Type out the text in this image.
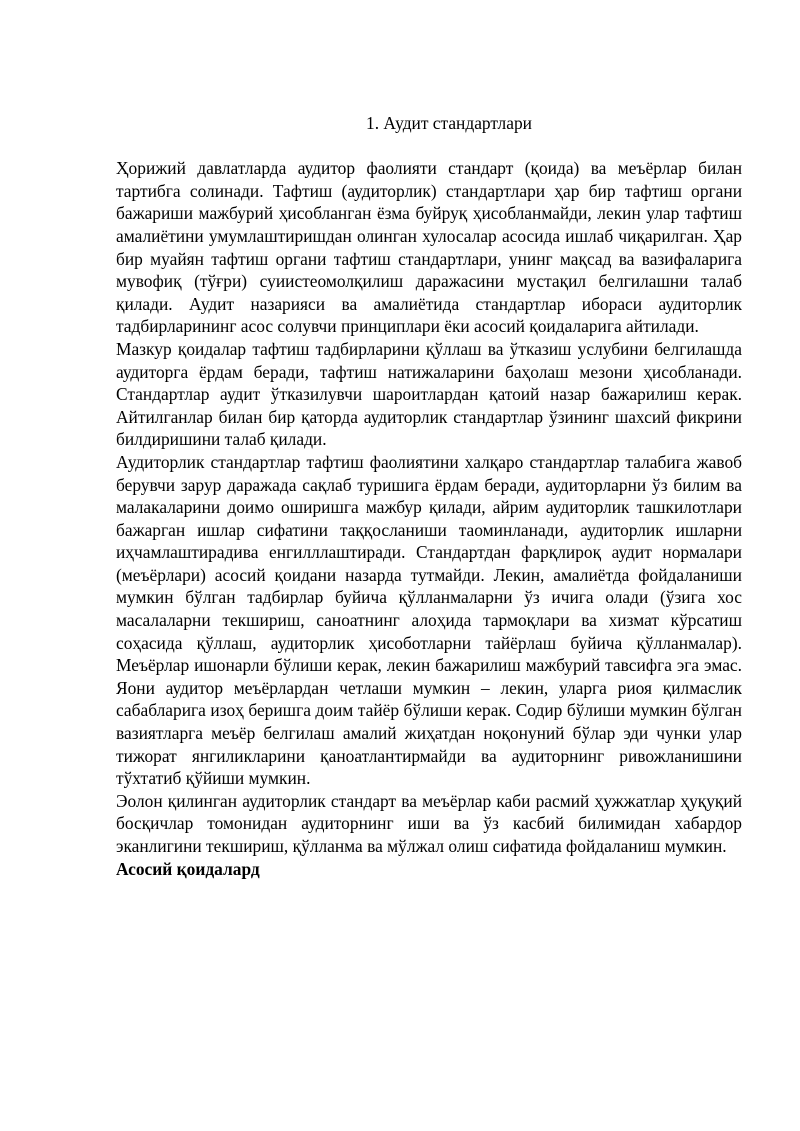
1. Аудит стандартлари

Ҳорижий давлатларда аудитор фаолияти стандарт (қоида) ва меъёрлар билан тартибга солинади. Тафтиш (аудиторлик) стандартлари ҳар бир тафтиш органи бажариши мажбурий ҳисобланган ёзма буйруқ ҳисобланмайди, лекин улар тафтиш амалиётини умумлаштиришдан олинган хулосалар асосида ишлаб чиқарилган. Ҳар бир муайян тафтиш органи тафтиш стандартлари, унинг мақсад ва вазифаларига мувофиқ (тўғри) суиистеомолқилиш даражасини мустақил белгилашни талаб қилади. Аудит назарияси ва амалиётида стандартлар ибораси аудиторлик тадбирларининг асос солувчи принциплари ёки асосий қоидаларига айтилади.

Мазкур қоидалар тафтиш тадбирларини қўллаш ва ўтказиш услубини белгилашда аудиторга ёрдам беради, тафтиш натижаларини баҳолаш мезони ҳисобланади. Стандартлар аудит ўтказилувчи шароитлардан қатоий назар бажарилиш керак. Айтилганлар билан бир қаторда аудиторлик стандартлар ўзининг шахсий фикрини билдиришини талаб қилади.

Аудиторлик стандартлар тафтиш фаолиятини халқаро стандартлар талабига жавоб берувчи зарур даражада сақлаб туришига ёрдам беради, аудиторларни ўз билим ва малакаларини доимо оширишга мажбур қилади, айрим аудиторлик ташкилотлари бажарган ишлар сифатини таққосланиши таоминланади, аудиторлик ишларни иҳчамлаштирадива енгилллаштиради. Стандартдан фарқлироқ аудит нормалари (меъёрлари) асосий қоидани назарда тутмайди. Лекин, амалиётда фойдаланиши мумкин бўлган тадбирлар буйича қўлланмаларни ўз ичига олади (ўзига хос масалаларни текшириш, саноатнинг алоҳида тармоқлари ва хизмат кўрсатиш соҳасида қўллаш, аудиторлик ҳисоботларни тайёрлаш буйича қўлланмалар). Меъёрлар ишонарли бўлиши керак, лекин бажарилиш мажбурий тавсифга эга эмас. Яони аудитор меъёрлардан четлаши мумкин – лекин, уларга риоя қилмаслик сабабларига изоҳ беришга доим тайёр бўлиши керак. Содир бўлиши мумкин бўлган вазиятларга меъёр белгилаш амалий жиҳатдан ноқонуний бўлар эди чунки улар тижорат янгиликларини қаноатлантирмайди ва аудиторнинг ривожланишини тўхтатиб қўйиши мумкин.

Эолон қилинган аудиторлик стандарт ва меъёрлар каби расмий ҳужжатлар ҳуқуқий босқичлар томонидан аудиторнинг иши ва ўз касбий билимидан хабардор эканлигини текшириш, қўлланма ва мўлжал олиш сифатида фойдаланиш мумкин.

Асосий қоидалард
